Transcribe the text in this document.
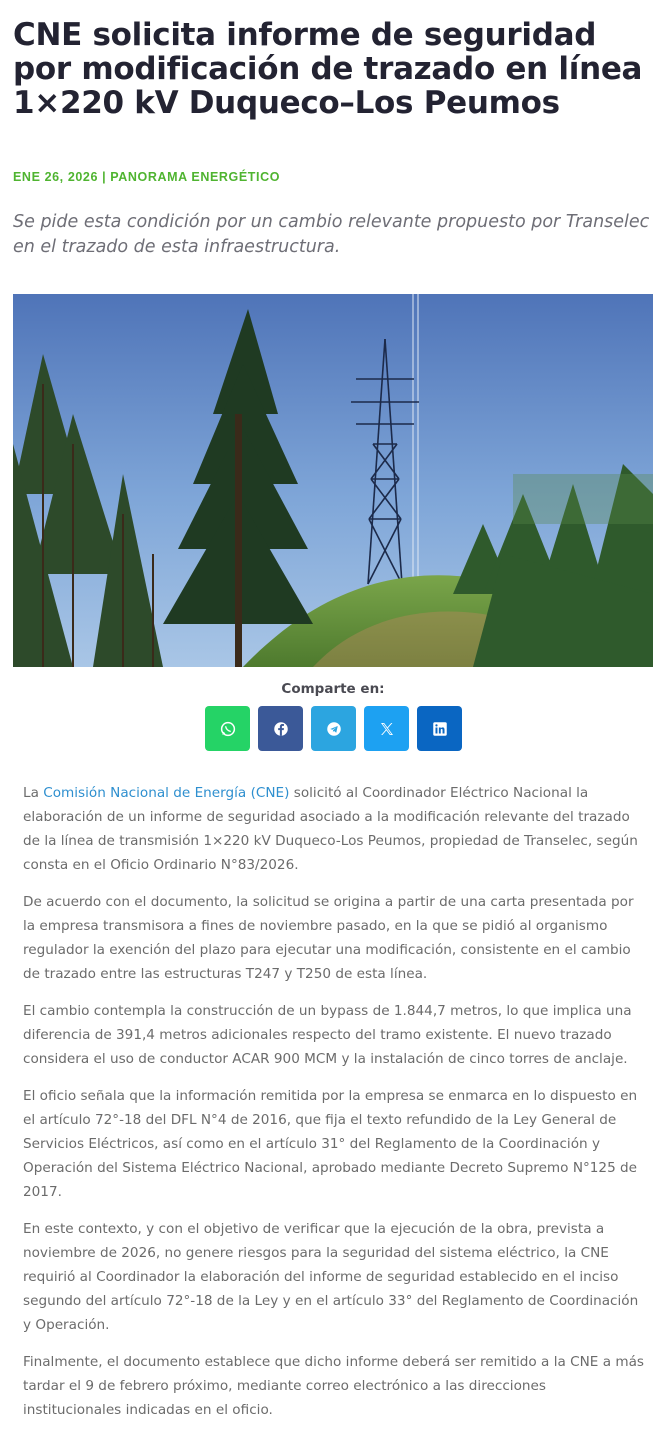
CNE solicita informe de seguridad por modificación de trazado en línea 1×220 kV Duqueco–Los Peumos
ENE 26, 2026 | PANORAMA ENERGÉTICO

Se pide esta condición por un cambio relevante propuesto por Transelec en el trazado de esta infraestructura.

Comparte en:

La Comisión Nacional de Energía (CNE) solicitó al Coordinador Eléctrico Nacional la elaboración de un informe de seguridad asociado a la modificación relevante del trazado de la línea de transmisión 1×220 kV Duqueco-Los Peumos, propiedad de Transelec, según consta en el Oficio Ordinario N°83/2026.

De acuerdo con el documento, la solicitud se origina a partir de una carta presentada por la empresa transmisora a fines de noviembre pasado, en la que se pidió al organismo regulador la exención del plazo para ejecutar una modificación, consistente en el cambio de trazado entre las estructuras T247 y T250 de esta línea.

El cambio contempla la construcción de un bypass de 1.844,7 metros, lo que implica una diferencia de 391,4 metros adicionales respecto del tramo existente. El nuevo trazado considera el uso de conductor ACAR 900 MCM y la instalación de cinco torres de anclaje.

El oficio señala que la información remitida por la empresa se enmarca en lo dispuesto en el artículo 72°-18 del DFL N°4 de 2016, que fija el texto refundido de la Ley General de Servicios Eléctricos, así como en el artículo 31° del Reglamento de la Coordinación y Operación del Sistema Eléctrico Nacional, aprobado mediante Decreto Supremo N°125 de 2017.

En este contexto, y con el objetivo de verificar que la ejecución de la obra, prevista a noviembre de 2026, no genere riesgos para la seguridad del sistema eléctrico, la CNE requirió al Coordinador la elaboración del informe de seguridad establecido en el inciso segundo del artículo 72°-18 de la Ley y en el artículo 33° del Reglamento de Coordinación y Operación.

Finalmente, el documento establece que dicho informe deberá ser remitido a la CNE a más tardar el 9 de febrero próximo, mediante correo electrónico a las direcciones institucionales indicadas en el oficio.
